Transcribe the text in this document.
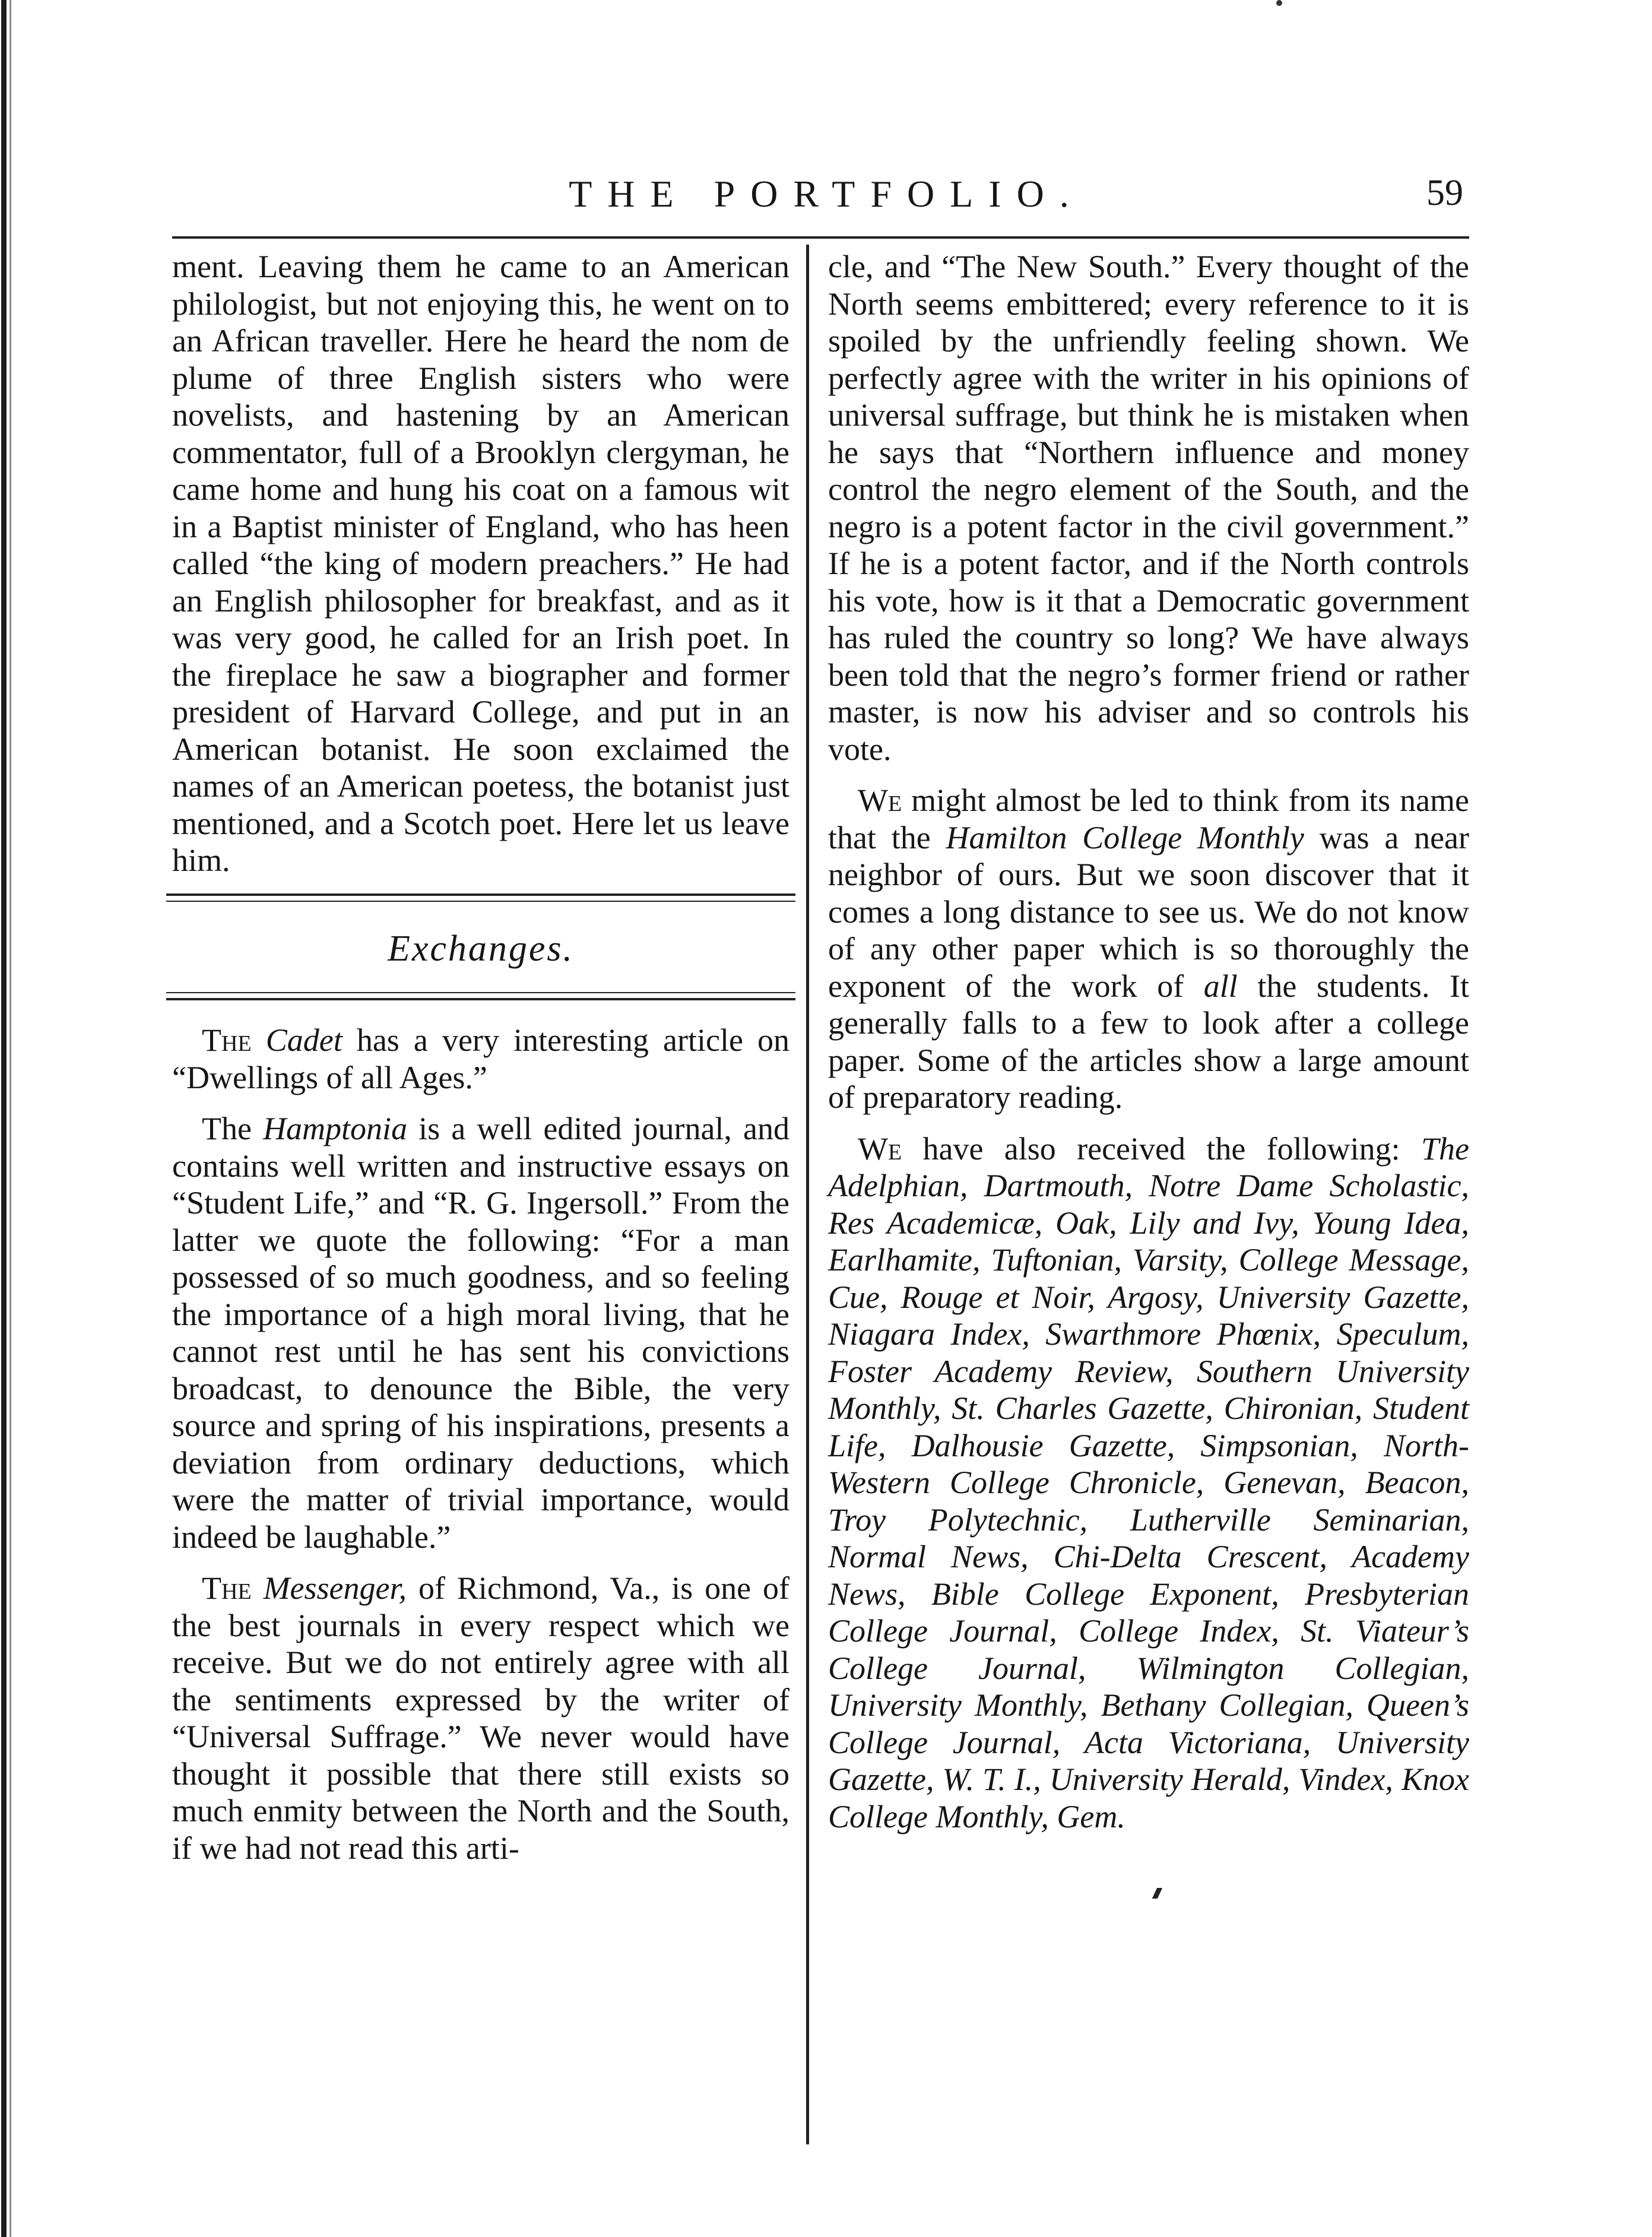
THE PORTFOLIO.	59

ment. Leaving them he came to an American philologist, but not enjoying this, he went on to an African traveller. Here he heard the nom de plume of three English sisters who were novelists, and hastening by an American commentator, full of a Brooklyn clergyman, he came home and hung his coat on a famous wit in a Baptist minister of England, who has heen called “the king of modern preachers.” He had an English philosopher for breakfast, and as it was very good, he called for an Irish poet. In the fireplace he saw a biographer and former president of Harvard College, and put in an American botanist. He soon exclaimed the names of an American poetess, the botanist just mentioned, and a Scotch poet. Here let us leave him.

Exchanges.

The Cadet has a very interesting article on “Dwellings of all Ages.”

The Hamptonia is a well edited journal, and contains well written and instructive essays on “Student Life,” and “R. G. Ingersoll.” From the latter we quote the following: “For a man possessed of so much goodness, and so feeling the importance of a high moral living, that he cannot rest until he has sent his convictions broadcast, to denounce the Bible, the very source and spring of his inspirations, presents a deviation from ordinary deductions, which were the matter of trivial importance, would indeed be laughable.”

The Messenger, of Richmond, Va., is one of the best journals in every respect which we receive. But we do not entirely agree with all the sentiments expressed by the writer of “Universal Suffrage.” We never would have thought it possible that there still exists so much enmity between the North and the South, if we had not read this arti-

cle, and “The New South.” Every thought of the North seems embittered; every reference to it is spoiled by the unfriendly feeling shown. We perfectly agree with the writer in his opinions of universal suffrage, but think he is mistaken when he says that “Northern influence and money control the negro element of the South, and the negro is a potent factor in the civil government.” If he is a potent factor, and if the North controls his vote, how is it that a Democratic government has ruled the country so long? We have always been told that the negro’s former friend or rather master, is now his adviser and so controls his vote.

We might almost be led to think from its name that the Hamilton College Monthly was a near neighbor of ours. But we soon discover that it comes a long distance to see us. We do not know of any other paper which is so thoroughly the exponent of the work of all the students. It generally falls to a few to look after a college paper. Some of the articles show a large amount of preparatory reading.

We have also received the following: The Adelphian, Dartmouth, Notre Dame Scholastic, Res Academicæ, Oak, Lily and Ivy, Young Idea, Earlhamite, Tuftonian, Varsity, College Message, Cue, Rouge et Noir, Argosy, University Gazette, Niagara Index, Swarthmore Phœnix, Speculum, Foster Academy Review, Southern University Monthly, St. Charles Gazette, Chironian, Student Life, Dalhousie Gazette, Simpsonian, North-Western College Chronicle, Genevan, Beacon, Troy Polytechnic, Lutherville Seminarian, Normal News, Chi-Delta Crescent, Academy News, Bible College Exponent, Presbyterian College Journal, College Index, St. Viateur’s College Journal, Wilmington Collegian, University Monthly, Bethany Collegian, Queen’s College Journal, Acta Victoriana, University Gazette, W. T. I., University Herald, Vindex, Knox College Monthly, Gem.
